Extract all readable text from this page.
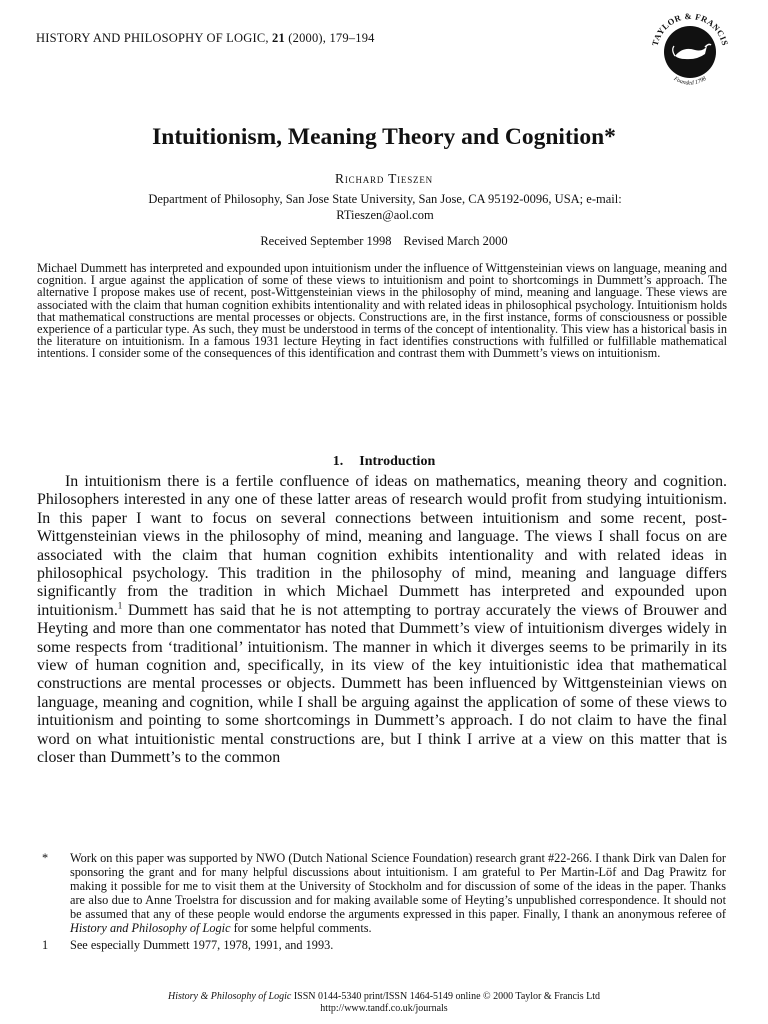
HISTORY AND PHILOSOPHY OF LOGIC, 21 (2000), 179–194	TAYLOR & FRANCIS
Founded 1798
Intuitionism, Meaning Theory and Cognition*
Richard Tieszen
Department of Philosophy, San Jose State University, San Jose, CA 95192-0096, USA; e-mail:
RTieszen@aol.com
Received September 1998 Revised March 2000
Michael Dummett has interpreted and expounded upon intuitionism under the influence of Wittgensteinian views on language, meaning and cognition. I argue against the application of some of these views to intuitionism and point to shortcomings in Dummett’s approach. The alternative I propose makes use of recent, post-Wittgensteinian views in the philosophy of mind, meaning and language. These views are associated with the claim that human cognition exhibits intentionality and with related ideas in philosophical psychology. Intuitionism holds that mathematical constructions are mental processes or objects. Constructions are, in the first instance, forms of consciousness or possible experience of a particular type. As such, they must be understood in terms of the concept of intentionality. This view has a historical basis in the literature on intuitionism. In a famous 1931 lecture Heyting in fact identifies constructions with fulfilled or fulfillable mathematical intentions. I consider some of the consequences of this identification and contrast them with Dummett’s views on intuitionism.
1. Introduction
In intuitionism there is a fertile confluence of ideas on mathematics, meaning theory and cognition. Philosophers interested in any one of these latter areas of research would profit from studying intuitionism. In this paper I want to focus on several connections between intuitionism and some recent, post-Wittgensteinian views in the philosophy of mind, meaning and language. The views I shall focus on are associated with the claim that human cognition exhibits intentionality and with related ideas in philosophical psychology. This tradition in the philosophy of mind, meaning and language differs significantly from the tradition in which Michael Dummett has interpreted and expounded upon intuitionism.$^1$ Dummett has said that he is not attempting to portray accurately the views of Brouwer and Heyting and more than one commentator has noted that Dummett’s view of intuitionism diverges widely in some respects from ‘traditional’ intuitionism. The manner in which it diverges seems to be primarily in its view of human cognition and, specifically, in its view of the key intuitionistic idea that mathematical constructions are mental processes or objects. Dummett has been influenced by Wittgensteinian views on language, meaning and cognition, while I shall be arguing against the application of some of these views to intuitionism and pointing to some shortcomings in Dummett’s approach. I do not claim to have the final word on what intuitionistic mental constructions are, but I think I arrive at a view on this matter that is closer than Dummett’s to the common
*	Work on this paper was supported by NWO (Dutch National Science Foundation) research grant #22-266. I thank Dirk van Dalen for sponsoring the grant and for many helpful discussions about intuitionism. I am grateful to Per Martin-Löf and Dag Prawitz for making it possible for me to visit them at the University of Stockholm and for discussion of some of the ideas in the paper. Thanks are also due to Anne Troelstra for discussion and for making available some of Heyting’s unpublished correspondence. It should not be assumed that any of these people would endorse the arguments expressed in this paper. Finally, I thank an anonymous referee of History and Philosophy of Logic for some helpful comments.
1	See especially Dummett 1977, 1978, 1991, and 1993.
History & Philosophy of Logic ISSN 0144-5340 print/ISSN 1464-5149 online © 2000 Taylor & Francis Ltd
http://www.tandf.co.uk/journals
